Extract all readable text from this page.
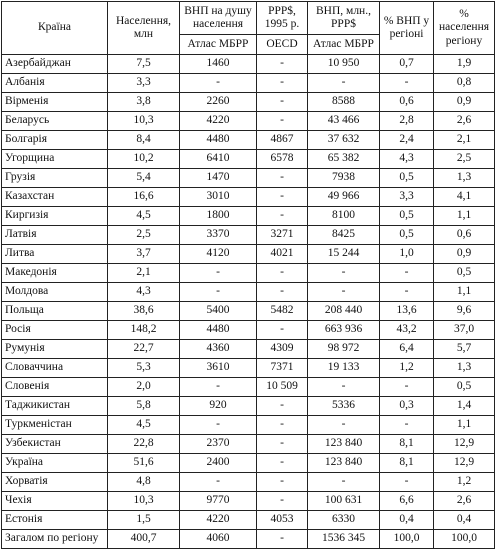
Країна	Населення, млн	ВНП на душу населення	PPP$, 1995 р.	ВНП, млн., PPP$	% ВНП у регіоні	% населення регіону
		Атлас МБРР	OECD	Атлас МБРР		
Азербайджан	7,5	1460	-	10 950	0,7	1,9
Албанія	3,3	-	-	-	-	0,8
Вірменія	3,8	2260	-	8588	0,6	0,9
Беларусь	10,3	4220	-	43 466	2,8	2,6
Болгарія	8,4	4480	4867	37 632	2,4	2,1
Угорщина	10,2	6410	6578	65 382	4,3	2,5
Грузія	5,4	1470	-	7938	0,5	1,3
Казахстан	16,6	3010	-	49 966	3,3	4,1
Киргизія	4,5	1800	-	8100	0,5	1,1
Латвія	2,5	3370	3271	8425	0,5	0,6
Литва	3,7	4120	4021	15 244	1,0	0,9
Македонія	2,1	-	-	-	-	0,5
Молдова	4,3	-	-	-	-	1,1
Польща	38,6	5400	5482	208 440	13,6	9,6
Росія	148,2	4480	-	663 936	43,2	37,0
Румунія	22,7	4360	4309	98 972	6,4	5,7
Словаччина	5,3	3610	7371	19 133	1,2	1,3
Словенія	2,0	-	10 509	-	-	0,5
Таджикистан	5,8	920	-	5336	0,3	1,4
Туркменістан	4,5	-	-	-	-	1,1
Узбекистан	22,8	2370	-	123 840	8,1	12,9
Україна	51,6	2400	-	123 840	8,1	12,9
Хорватія	4,8	-	-	-	-	1,2
Чехія	10,3	9770	-	100 631	6,6	2,6
Естонія	1,5	4220	4053	6330	0,4	0,4
Загалом по регіону	400,7	4060	-	1536 345	100,0	100,0
